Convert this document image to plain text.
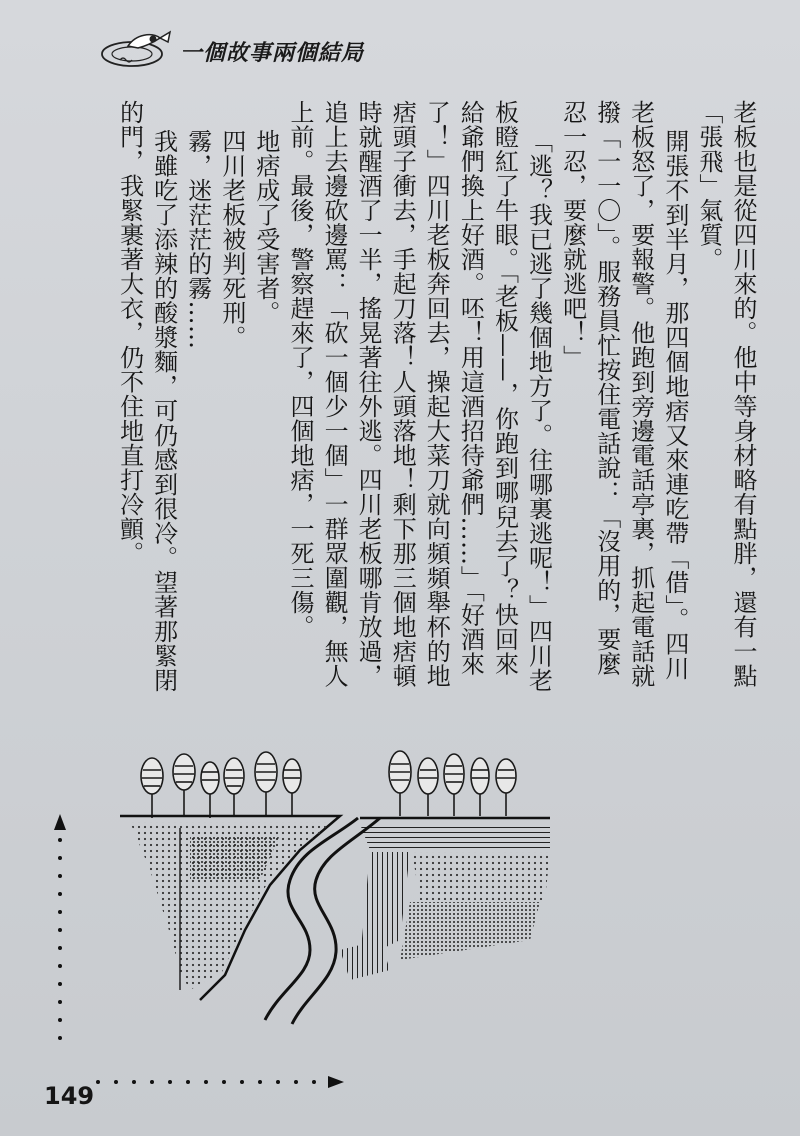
一個故事兩個結局

老板也是從四川來的。他中等身材略有點胖，還有一點「張飛」氣質。

開張不到半月，那四個地痞又來連吃帶「借」。四川老板怒了，要報警。他跑到旁邊電話亭裏，抓起電話就撥「一一〇」。服務員忙按住電話說：「沒用的，要麼忍一忍，要麼就逃吧！」

「逃？我已逃了幾個地方了。往哪裏逃呢！」四川老板瞪紅了牛眼。「老板——，你跑到哪兒去了？快回來給爺們換上好酒。呸！用這酒招待爺們……」「好酒來了！」四川老板奔回去，操起大菜刀就向頻頻舉杯的地痞頭子衝去，手起刀落！人頭落地！剩下那三個地痞頓時就醒酒了一半，搖晃著往外逃。四川老板哪肯放過，追上去邊砍邊罵：「砍一個少一個」一群眾圍觀，無人上前。最後，警察趕來了，四個地痞，一死三傷。

地痞成了受害者。

四川老板被判死刑。

霧，迷茫茫的霧……

我雖吃了添辣的酸漿麵，可仍感到很冷。望著那緊閉的門，我緊裹著大衣，仍不住地直打冷顫。

149
